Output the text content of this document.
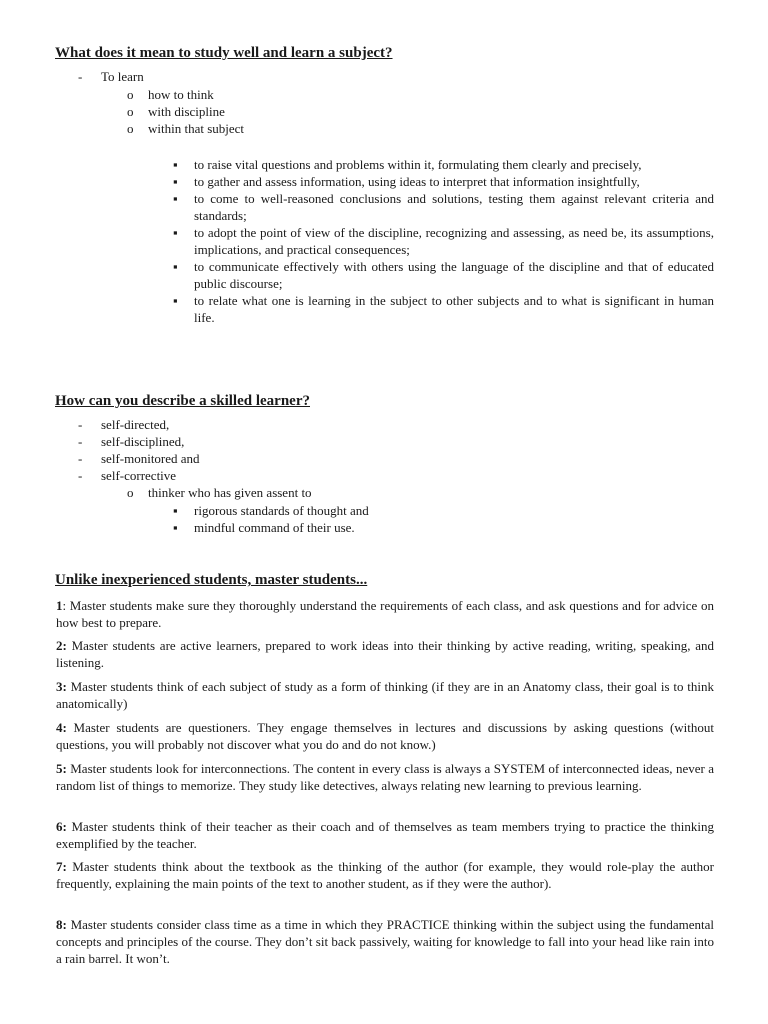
What does it mean to study well and learn a subject?
- To learn
o how to think
o with discipline
o within that subject
▪ to raise vital questions and problems within it, formulating them clearly and precisely,
▪ to gather and assess information, using ideas to interpret that information insightfully,
▪ to come to well-reasoned conclusions and solutions, testing them against relevant criteria and standards;
▪ to adopt the point of view of the discipline, recognizing and assessing, as need be, its assumptions, implications, and practical consequences;
▪ to communicate effectively with others using the language of the discipline and that of educated public discourse;
▪ to relate what one is learning in the subject to other subjects and to what is significant in human life.
How can you describe a skilled learner?
- self-directed,
- self-disciplined,
- self-monitored and
- self-corrective
o thinker who has given assent to
▪ rigorous standards of thought and
▪ mindful command of their use.
Unlike inexperienced students, master students...

1: Master students make sure they thoroughly understand the requirements of each class, and ask questions and for advice on how best to prepare.

2: Master students are active learners, prepared to work ideas into their thinking by active reading, writing, speaking, and listening.

3: Master students think of each subject of study as a form of thinking (if they are in an Anatomy class, their goal is to think anatomically)

4: Master students are questioners. They engage themselves in lectures and discussions by asking questions (without questions, you will probably not discover what you do and do not know.)

5: Master students look for interconnections. The content in every class is always a SYSTEM of interconnected ideas, never a random list of things to memorize. They study like detectives, always relating new learning to previous learning.

6: Master students think of their teacher as their coach and of themselves as team members trying to practice the thinking exemplified by the teacher.

7: Master students think about the textbook as the thinking of the author (for example, they would role-play the author frequently, explaining the main points of the text to another student, as if they were the author).

8: Master students consider class time as a time in which they PRACTICE thinking within the subject using the fundamental concepts and principles of the course. They don’t sit back passively, waiting for knowledge to fall into your head like rain into a rain barrel. It won’t.
